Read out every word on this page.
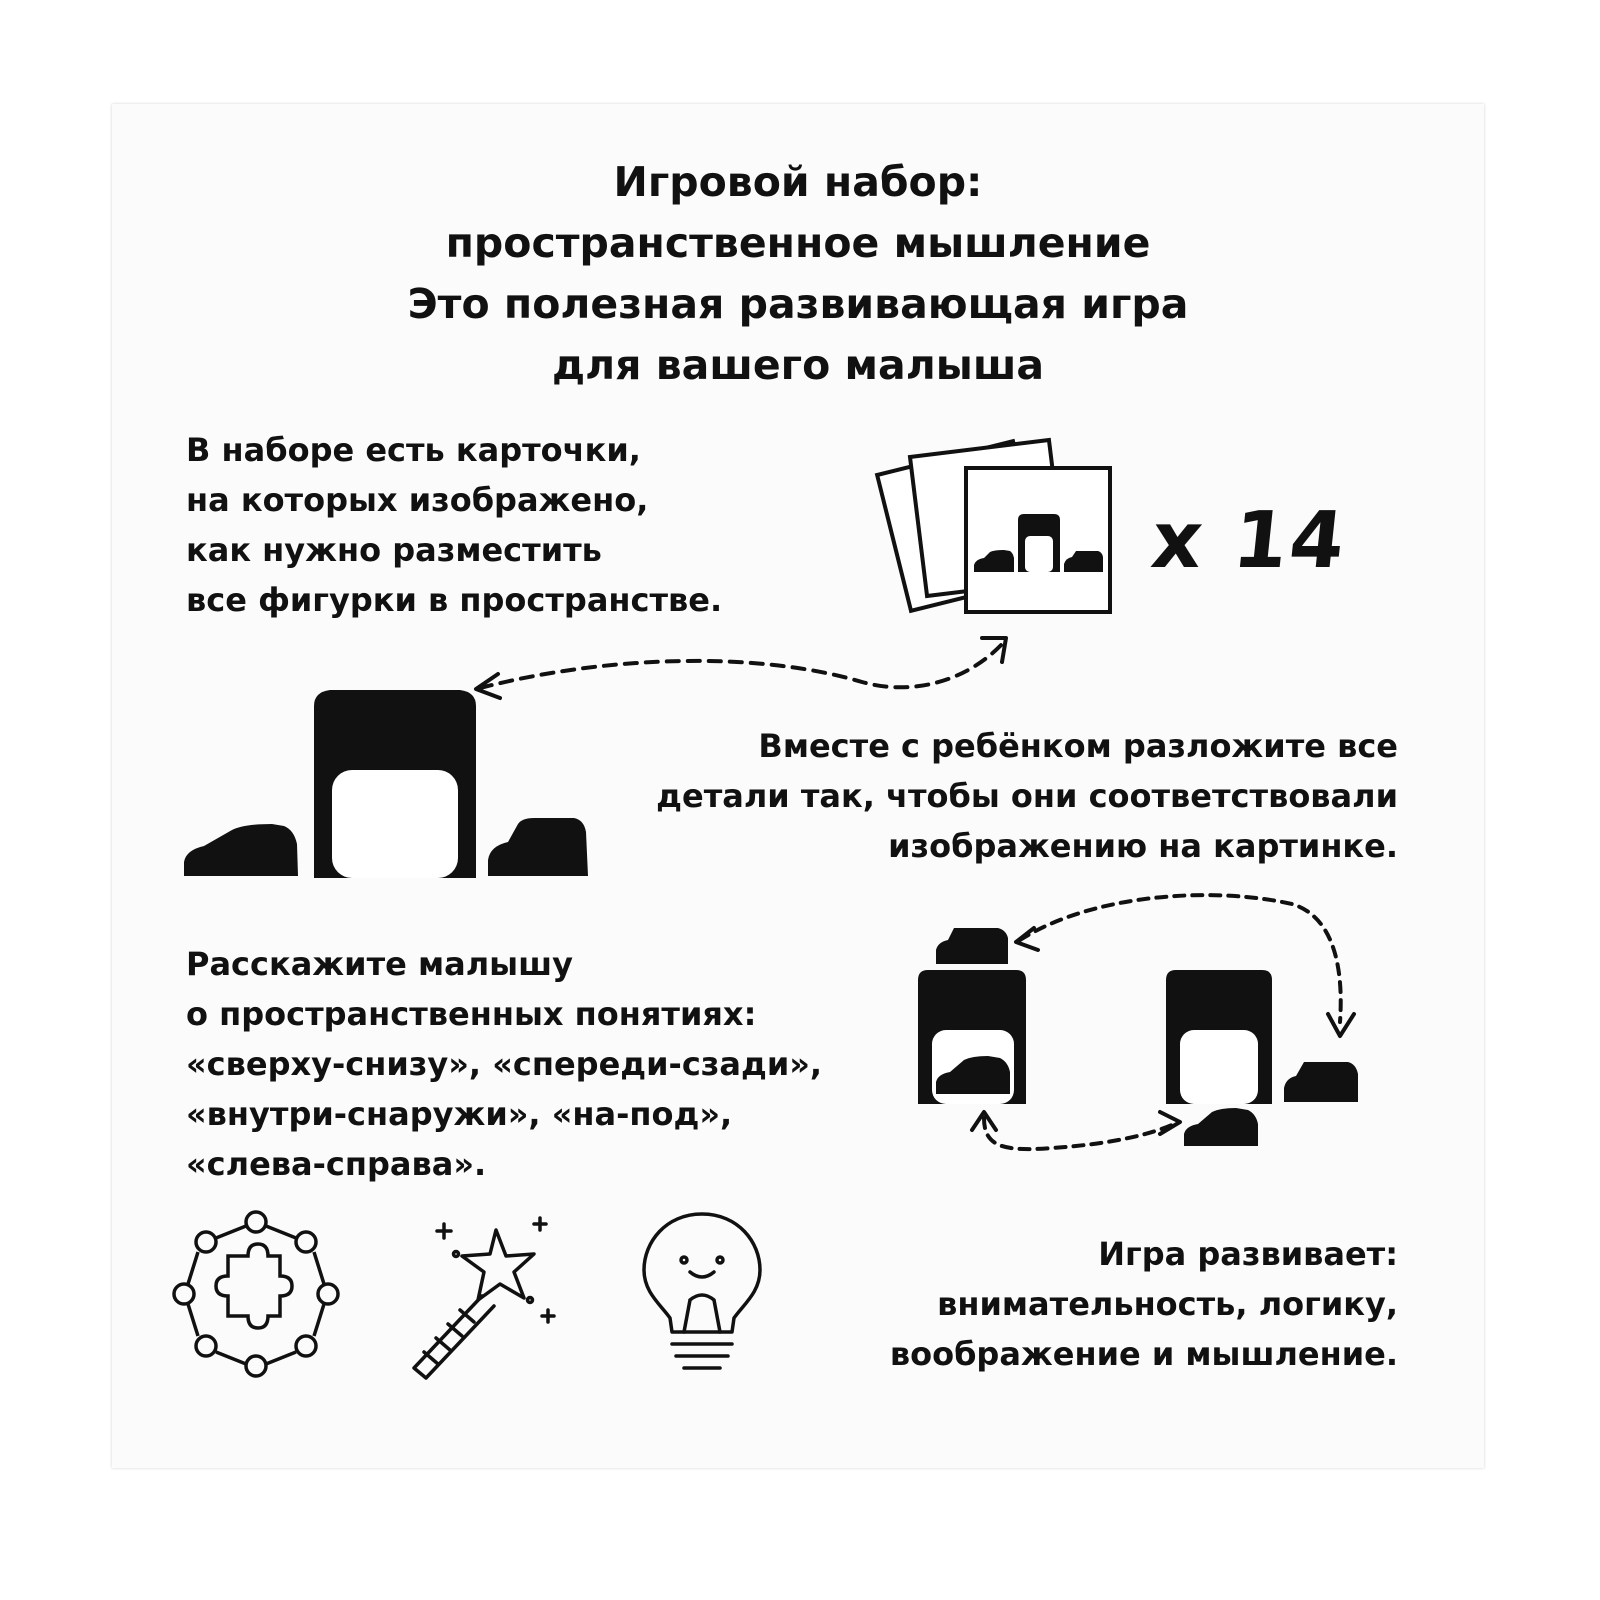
Игровой набор:
пространственное мышление
Это полезная развивающая игра
для вашего малыша
В наборе есть карточки,
на которых изображено,
как нужно разместить
все фигурки в пространстве.
x 14
Вместе с ребёнком разложите все
детали так, чтобы они соответствовали
изображению на картинке.
Расскажите малышу
о пространственных понятиях:
«сверху-снизу», «спереди-сзади»,
«внутри-снаружи», «на-под»,
«слева-справа».
Игра развивает:
внимательность, логику,
воображение и мышление.
